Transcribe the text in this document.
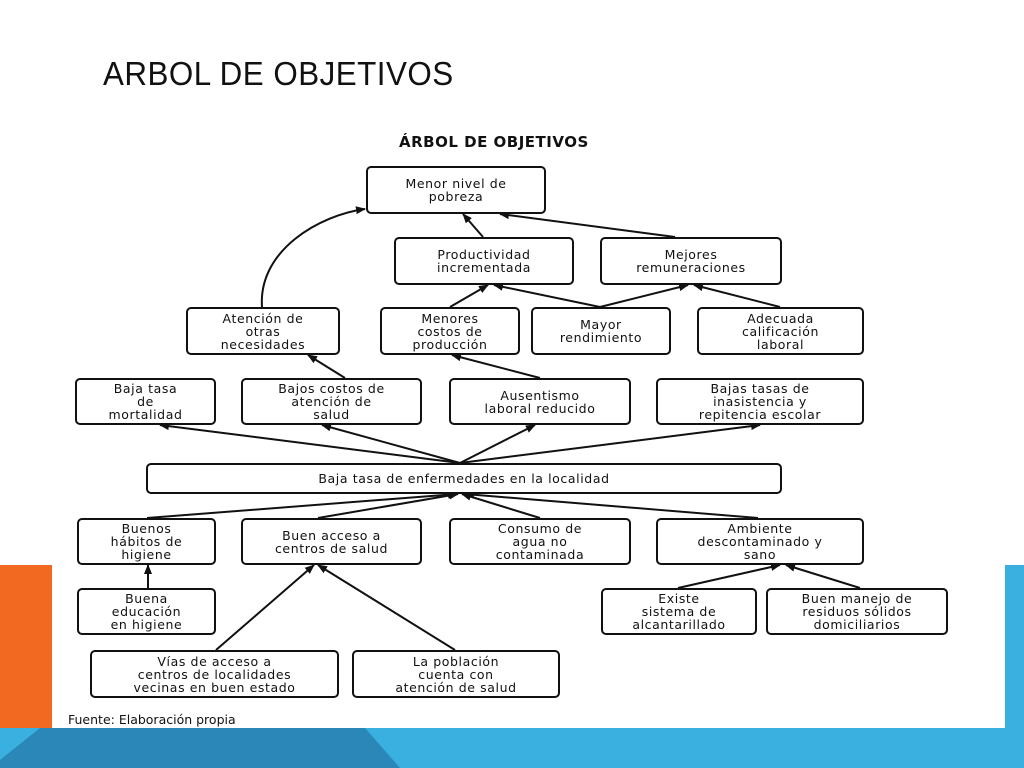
ARBOL DE OBJETIVOS
ÁRBOL DE OBJETIVOS
Menor nivel de
pobreza
Productividad
incrementada
Mejores
remuneraciones
Atención de
otras
necesidades
Menores
costos de
producción
Mayor
rendimiento
Adecuada
calificación
laboral
Baja tasa
de
mortalidad
Bajos costos de
atención de
salud
Ausentismo
laboral reducido
Bajas tasas de
inasistencia y
repitencia escolar
Baja tasa de enfermedades en la localidad
Buenos
hábitos de
higiene
Buen acceso a
centros de salud
Consumo de
agua no
contaminada
Ambiente
descontaminado y
sano
Buena
educación
en higiene
Existe
sistema de
alcantarillado
Buen manejo de
residuos sólidos
domiciliarios
Vías de acceso a
centros de localidades
vecinas en buen estado
La población
cuenta con
atención de salud
Fuente: Elaboración propia
